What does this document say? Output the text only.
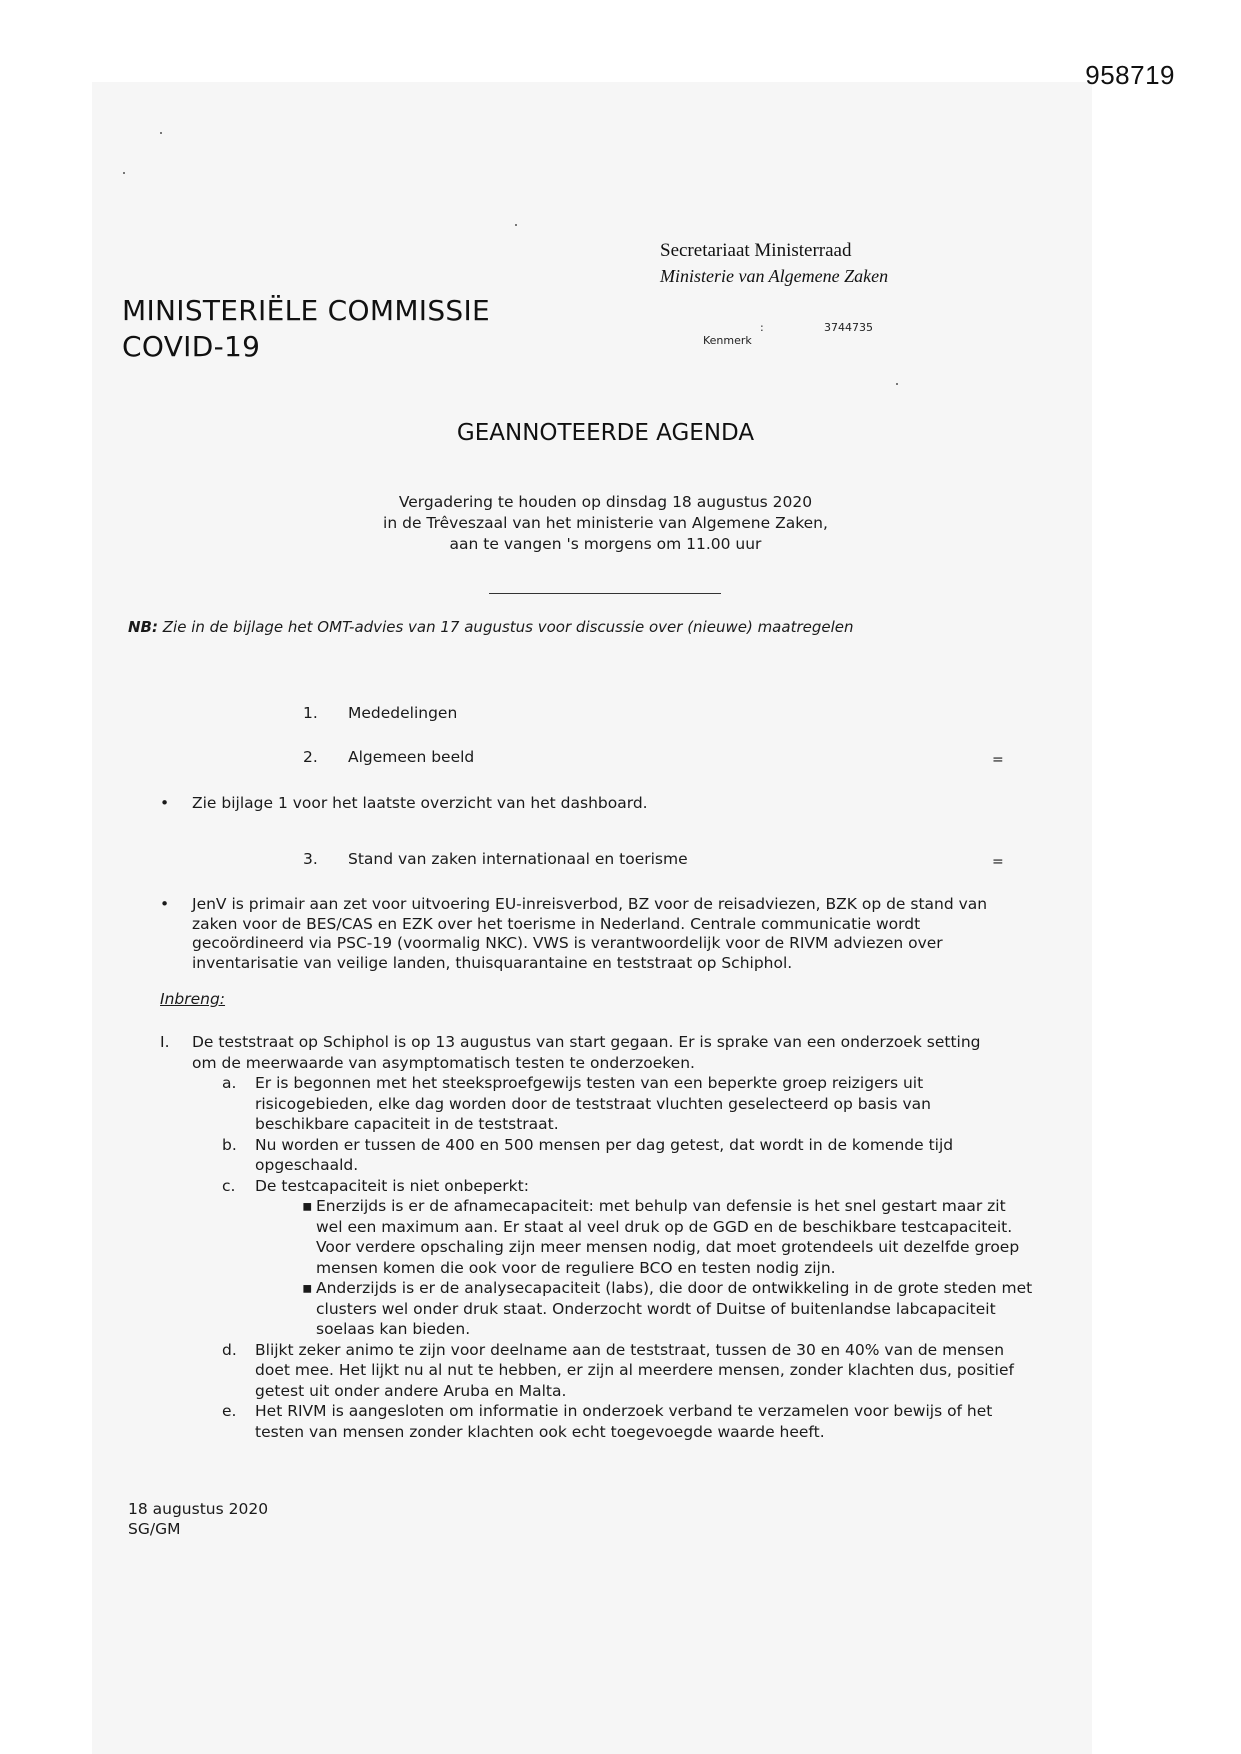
958719
Secretariaat Ministerraad
Ministerie van Algemene Zaken

Kenmerk

:

	3744735

MINISTERIËLE COMMISSIE
COVID-19
GEANNOTEERDE AGENDA
Vergadering te houden op dinsdag 18 augustus 2020
in de Trêveszaal van het ministerie van Algemene Zaken,
aan te vangen 's morgens om 11.00 uur
NB: Zie in de bijlage het OMT-advies van 17 augustus voor discussie over (nieuwe) maatregelen
1. Mededelingen
2. Algemeen beeld	=
• Zie bijlage 1 voor het laatste overzicht van het dashboard.
3. Stand van zaken internationaal en toerisme	=
• JenV is primair aan zet voor uitvoering EU-inreisverbod, BZ voor de reisadviezen, BZK op de stand van zaken voor de BES/CAS en EZK over het toerisme in Nederland. Centrale communicatie wordt gecoördineerd via PSC-19 (voormalig NKC). VWS is verantwoordelijk voor de RIVM adviezen over inventarisatie van veilige landen, thuisquarantaine en teststraat op Schiphol.
Inbreng:
I. De teststraat op Schiphol is op 13 augustus van start gegaan. Er is sprake van een onderzoek setting om de meerwaarde van asymptomatisch testen te onderzoeken.
a. Er is begonnen met het steeksproefgewijs testen van een beperkte groep reizigers uit risicogebieden, elke dag worden door de teststraat vluchten geselecteerd op basis van beschikbare capaciteit in de teststraat.
b. Nu worden er tussen de 400 en 500 mensen per dag getest, dat wordt in de komende tijd opgeschaald.
c. De testcapaciteit is niet onbeperkt:
▪ Enerzijds is er de afnamecapaciteit: met behulp van defensie is het snel gestart maar zit wel een maximum aan. Er staat al veel druk op de GGD en de beschikbare testcapaciteit. Voor verdere opschaling zijn meer mensen nodig, dat moet grotendeels uit dezelfde groep mensen komen die ook voor de reguliere BCO en testen nodig zijn.
▪ Anderzijds is er de analysecapaciteit (labs), die door de ontwikkeling in de grote steden met clusters wel onder druk staat. Onderzocht wordt of Duitse of buitenlandse labcapaciteit soelaas kan bieden.
d. Blijkt zeker animo te zijn voor deelname aan de teststraat, tussen de 30 en 40% van de mensen doet mee. Het lijkt nu al nut te hebben, er zijn al meerdere mensen, zonder klachten dus, positief getest uit onder andere Aruba en Malta.
e. Het RIVM is aangesloten om informatie in onderzoek verband te verzamelen voor bewijs of het testen van mensen zonder klachten ook echt toegevoegde waarde heeft.
18 augustus 2020
SG/GM
